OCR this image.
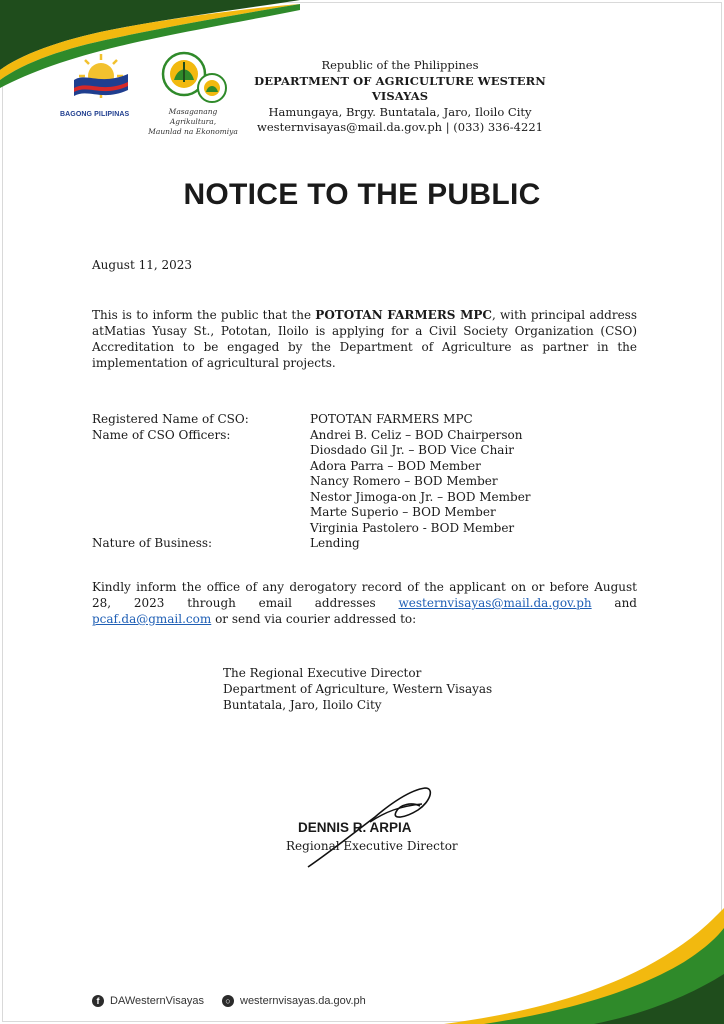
BAGONG PILIPINAS	Masaganang Agrikultura,
Maunlad na Ekonomiya
Republic of the Philippines
DEPARTMENT OF AGRICULTURE WESTERN VISAYAS
Hamungaya, Brgy. Buntatala, Jaro, Iloilo City
westernvisayas@mail.da.gov.ph | (033) 336-4221
NOTICE TO THE PUBLIC
August 11, 2023
This is to inform the public that the POTOTAN FARMERS MPC, with principal address atMatias Yusay St., Pototan, Iloilo is applying for a Civil Society Organization (CSO) Accreditation to be engaged by the Department of Agriculture as partner in the implementation of agricultural projects.
Registered Name of CSO:	POTOTAN FARMERS MPC
Name of CSO Officers:	Andrei B. Celiz – BOD Chairperson
Diosdado Gil Jr. – BOD Vice Chair
Adora Parra – BOD Member
Nancy Romero – BOD Member
Nestor Jimoga-on Jr. – BOD Member
Marte Superio – BOD Member
Virginia Pastolero - BOD Member
Nature of Business:	Lending
Kindly inform the office of any derogatory record of the applicant on or before August 28, 2023 through email addresses westernvisayas@mail.da.gov.ph and pcaf.da@gmail.com or send via courier addressed to:
The Regional Executive Director
Department of Agriculture, Western Visayas
Buntatala, Jaro, Iloilo City
DENNIS R. ARPIA
Regional Executive Director
f DAWesternVisayas	○ westernvisayas.da.gov.ph
